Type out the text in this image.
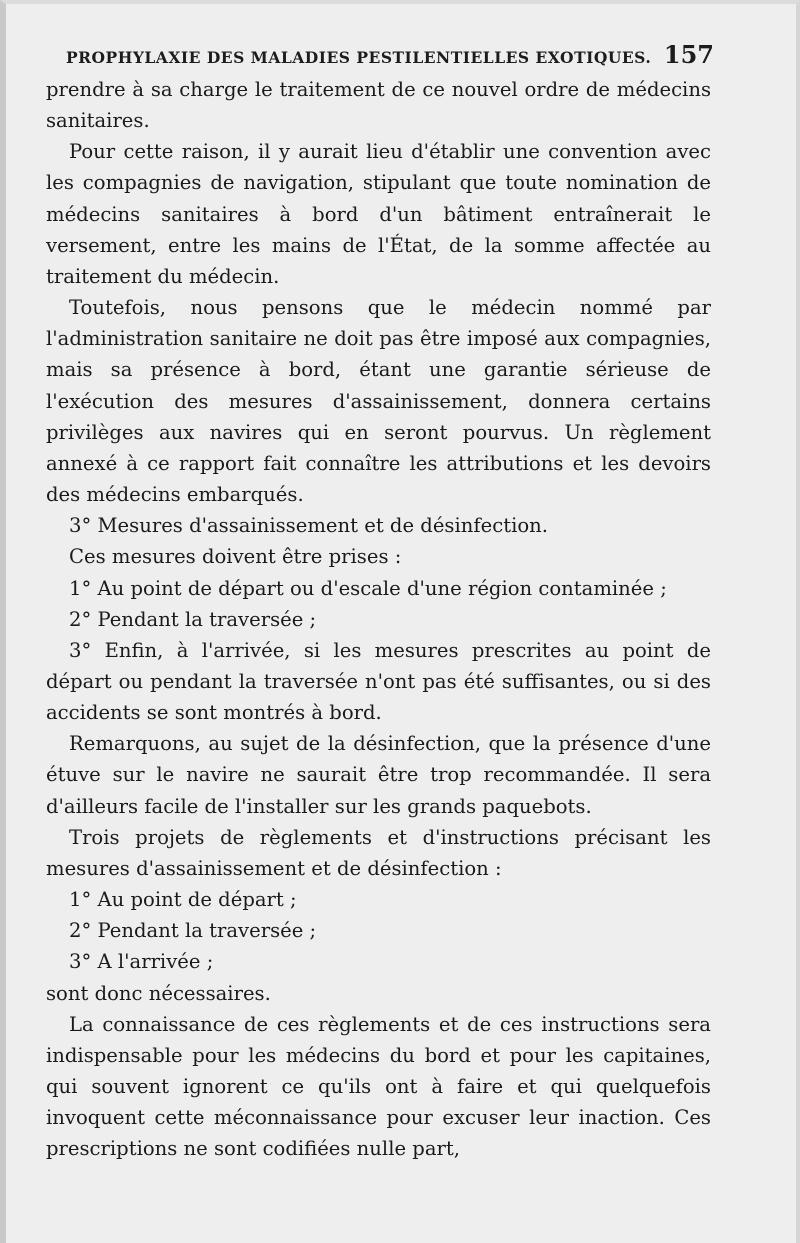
PROPHYLAXIE DES MALADIES PESTILENTIELLES EXOTIQUES. 157

prendre à sa charge le traitement de ce nouvel ordre de médecins sanitaires.

Pour cette raison, il y aurait lieu d'établir une convention avec les compagnies de navigation, stipulant que toute nomination de médecins sanitaires à bord d'un bâtiment entraînerait le versement, entre les mains de l'État, de la somme affectée au traitement du médecin.

Toutefois, nous pensons que le médecin nommé par l'administration sanitaire ne doit pas être imposé aux compagnies, mais sa présence à bord, étant une garantie sérieuse de l'exécution des mesures d'assainissement, donnera certains privilèges aux navires qui en seront pourvus. Un règlement annexé à ce rapport fait connaître les attributions et les devoirs des médecins embarqués.

3° Mesures d'assainissement et de désinfection.

Ces mesures doivent être prises :

1° Au point de départ ou d'escale d'une région contaminée ;

2° Pendant la traversée ;

3° Enfin, à l'arrivée, si les mesures prescrites au point de départ ou pendant la traversée n'ont pas été suffisantes, ou si des accidents se sont montrés à bord.

Remarquons, au sujet de la désinfection, que la présence d'une étuve sur le navire ne saurait être trop recommandée. Il sera d'ailleurs facile de l'installer sur les grands paquebots.

Trois projets de règlements et d'instructions précisant les mesures d'assainissement et de désinfection :

1° Au point de départ ;

2° Pendant la traversée ;

3° A l'arrivée ;

sont donc nécessaires.

La connaissance de ces règlements et de ces instructions sera indispensable pour les médecins du bord et pour les capitaines, qui souvent ignorent ce qu'ils ont à faire et qui quelquefois invoquent cette méconnaissance pour excuser leur inaction. Ces prescriptions ne sont codifiées nulle part,
